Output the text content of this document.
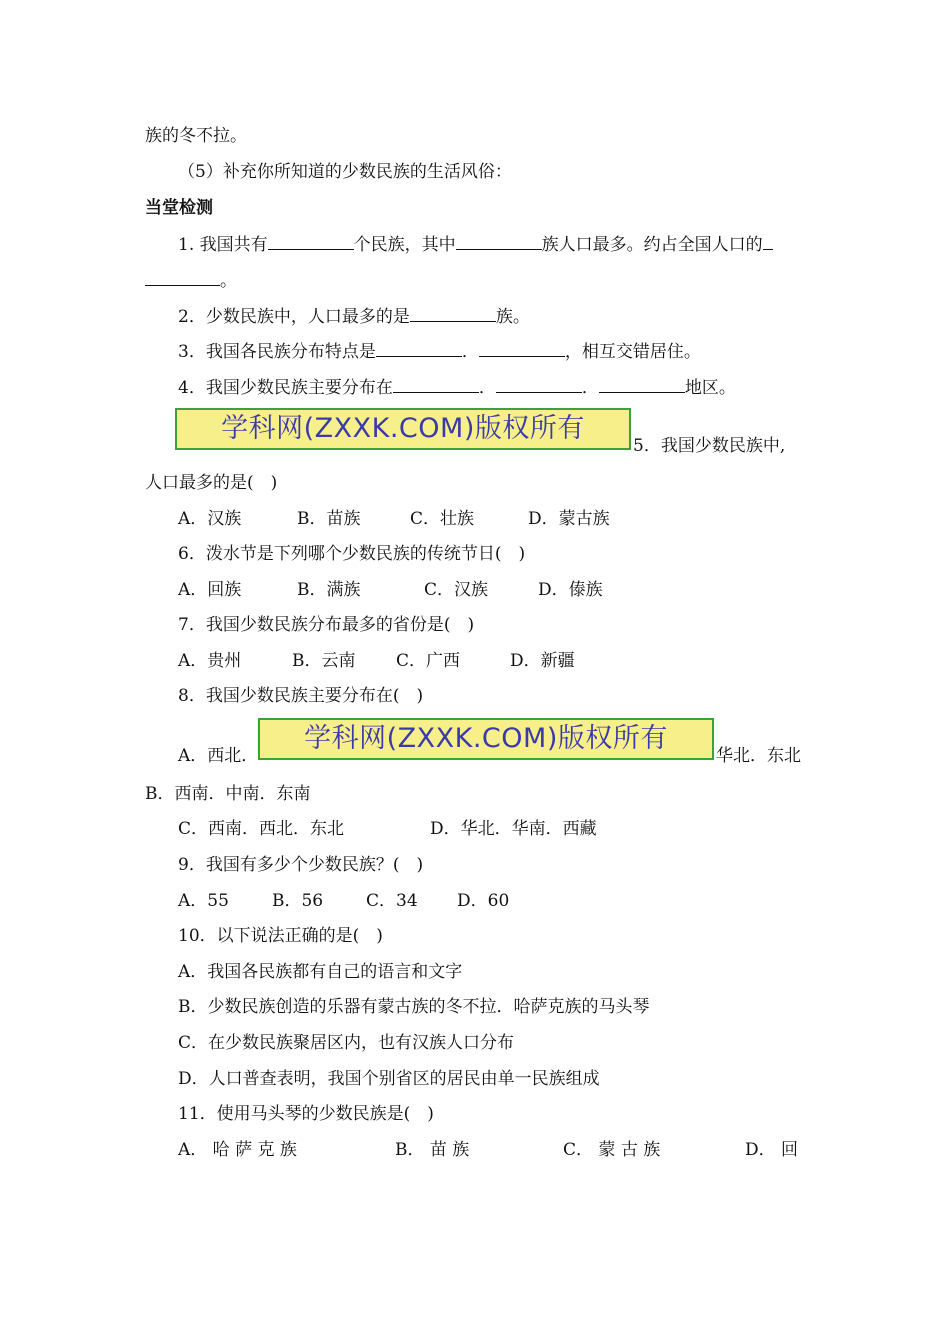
族的冬不拉。
（5）补充你所知道的少数民族的生活风俗：
当堂检测
1. 我国共有	个民族，其中	族人口最多。约占全国人口的
。
2．少数民族中，人口最多的是	族。
3．我国各民族分布特点是	．	，相互交错居住。
4．我国少数民族主要分布在	．	．	地区。
学科网(ZXXK.COM)版权所有
5．我国少数民族中,
人口最多的是(　)
A．汉族	B．苗族	C．壮族	D．蒙古族
6．泼水节是下列哪个少数民族的传统节日(　)
A．回族	B．满族	C．汉族	D．傣族
7．我国少数民族分布最多的省份是(　)
A．贵州	B．云南 C．广西	D．新疆
8．我国少数民族主要分布在(　)
A．西北．
学科网(ZXXK.COM)版权所有
华北．东北
B．西南．中南．东南
C．西南．西北．东北	D．华北．华南．西藏
9．我国有多少个少数民族？(　)
A．55	B．56	C．34 D．60
10．以下说法正确的是(　)
A．我国各民族都有自己的语言和文字
B．少数民族创造的乐器有蒙古族的冬不拉．哈萨克族的马头琴
C．在少数民族聚居区内，也有汉族人口分布
D．人口普查表明，我国个别省区的居民由单一民族组成
11．使用马头琴的少数民族是(　)
A． 哈 萨 克 族	B． 苗 族	C． 蒙 古 族	D． 回
